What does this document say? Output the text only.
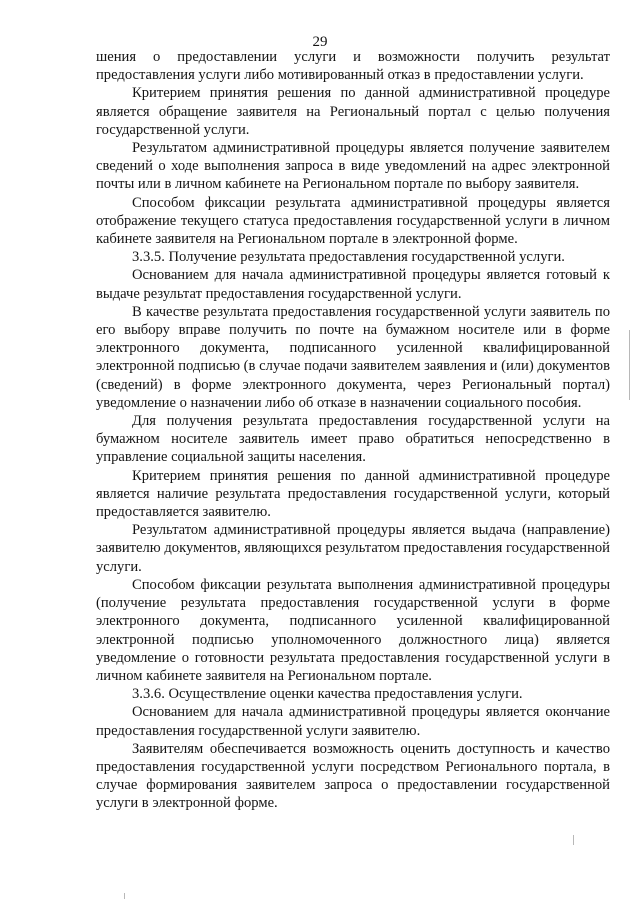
29

шения о предоставлении услуги и возможности получить результат предоставления услуги либо мотивированный отказ в предоставлении услуги.

Критерием принятия решения по данной административной процедуре является обращение заявителя на Региональный портал с целью получения государственной услуги.

Результатом административной процедуры является получение заявителем сведений о ходе выполнения запроса в виде уведомлений на адрес электронной почты или в личном кабинете на Региональном портале по выбору заявителя.

Способом фиксации результата административной процедуры является отображение текущего статуса предоставления государственной услуги в личном кабинете заявителя на Региональном портале в электронной форме.

3.3.5. Получение результата предоставления государственной услуги.

Основанием для начала административной процедуры является готовый к выдаче результат предоставления государственной услуги.

В качестве результата предоставления государственной услуги заявитель по его выбору вправе получить по почте на бумажном носителе или в форме электронного документа, подписанного усиленной квалифицированной электронной подписью (в случае подачи заявителем заявления и (или) документов (сведений) в форме электронного документа, через Региональный портал) уведомление о назначении либо об отказе в назначении социального пособия.

Для получения результата предоставления государственной услуги на бумажном носителе заявитель имеет право обратиться непосредственно в управление социальной защиты населения.

Критерием принятия решения по данной административной процедуре является наличие результата предоставления государственной услуги, который предоставляется заявителю.

Результатом административной процедуры является выдача (направление) заявителю документов, являющихся результатом предоставления государственной услуги.

Способом фиксации результата выполнения административной процедуры (получение результата предоставления государственной услуги в форме электронного документа, подписанного усиленной квалифицированной электронной подписью уполномоченного должностного лица) является уведомление о готовности результата предоставления государственной услуги в личном кабинете заявителя на Региональном портале.

3.3.6. Осуществление оценки качества предоставления услуги.

Основанием для начала административной процедуры является окончание предоставления государственной услуги заявителю.

Заявителям обеспечивается возможность оценить доступность и качество предоставления государственной услуги посредством Регионального портала, в случае формирования заявителем запроса о предоставлении государственной услуги в электронной форме.
